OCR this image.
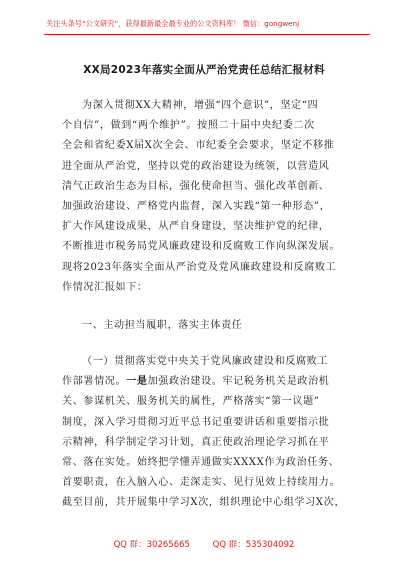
关注头条号“公文研究”，获得最新最全最专业的公文资料库！ 微信：gongwenj
XX局2023年落实全面从严治党责任总结汇报材料
为深入贯彻XX大精神，增强“四个意识”，坚定“四
个自信”，做到“两个维护”。按照二十届中央纪委二次
全会和省纪委X届X次全会、市纪委全会要求，坚定不移推
进全面从严治党，坚持以党的政治建设为统领，以营造风
清气正政治生态为目标，强化使命担当、强化改革创新、
加强政治建设、严格党内监督，深入实践“第一种形态”，
扩大作风建设成果，从严自身建设，坚决维护党的纪律，
不断推进市税务局党风廉政建设和反腐败工作向纵深发展。
现将2023年落实全面从严治党及党风廉政建设和反腐败工
作情况汇报如下：
一、主动担当履职，落实主体责任
（一）贯彻落实党中央关于党风廉政建设和反腐败工
作部署情况。一是加强政治建设。牢记税务机关是政治机
关、参谋机关、服务机关的属性，严格落实“第一议题”
制度，深入学习贯彻习近平总书记重要讲话和重要指示批
示精神，科学制定学习计划，真正使政治理论学习抓在平
常、落在实处。始终把学懂弄通做实XXXX作为政治任务、
首要职责，在入脑入心、走深走实、见行见效上持续用力。
截至目前，共开展集中学习X次，组织理论中心组学习X次，
QQ 群：30265665	QQ 群：535304092
